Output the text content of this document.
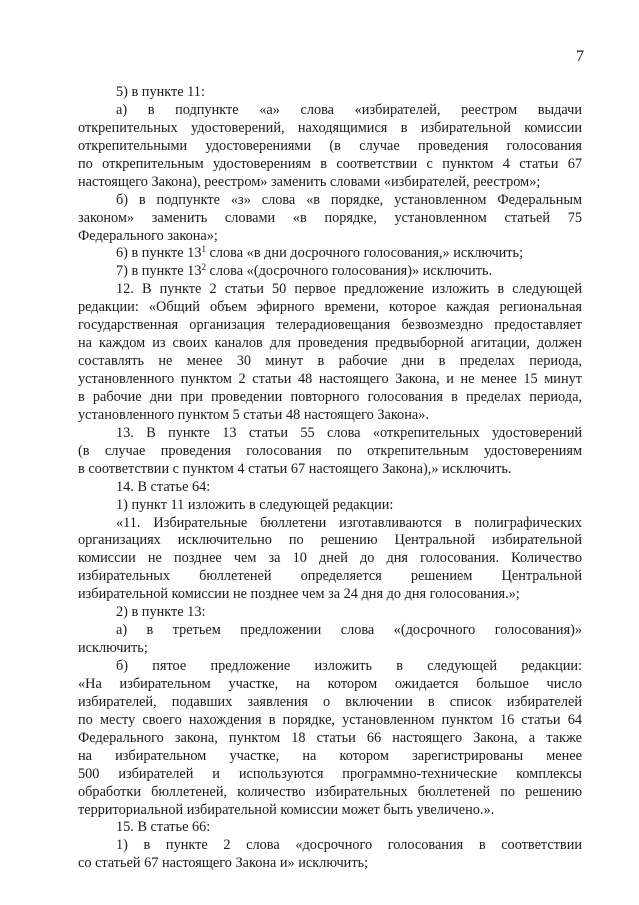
7
5) в пункте 11:
а) в подпункте «а» слова «избирателей, реестром выдачи
открепительных удостоверений, находящимися в избирательной комиссии
открепительными удостоверениями (в случае проведения голосования
по открепительным удостоверениям в соответствии с пунктом 4 статьи 67
настоящего Закона), реестром» заменить словами «избирателей, реестром»;
б) в подпункте «з» слова «в порядке, установленном Федеральным
законом» заменить словами «в порядке, установленном статьей 75
Федерального закона»;
6) в пункте $13^1$ слова «в дни досрочного голосования,» исключить;
7) в пункте $13^2$ слова «(досрочного голосования)» исключить.
12. В пункте 2 статьи 50 первое предложение изложить в следующей
редакции: «Общий объем эфирного времени, которое каждая региональная
государственная организация телерадиовещания безвозмездно предоставляет
на каждом из своих каналов для проведения предвыборной агитации, должен
составлять не менее 30 минут в рабочие дни в пределах периода,
установленного пунктом 2 статьи 48 настоящего Закона, и не менее 15 минут
в рабочие дни при проведении повторного голосования в пределах периода,
установленного пунктом 5 статьи 48 настоящего Закона».
13. В пункте 13 статьи 55 слова «открепительных удостоверений
(в случае проведения голосования по открепительным удостоверениям
в соответствии с пунктом 4 статьи 67 настоящего Закона),» исключить.
14. В статье 64:
1) пункт 11 изложить в следующей редакции:
«11. Избирательные бюллетени изготавливаются в полиграфических
организациях исключительно по решению Центральной избирательной
комиссии не позднее чем за 10 дней до дня голосования. Количество
избирательных бюллетеней определяется решением Центральной
избирательной комиссии не позднее чем за 24 дня до дня голосования.»;
2) в пункте 13:
а) в третьем предложении слова «(досрочного голосования)»
исключить;
б) пятое предложение изложить в следующей редакции:
«На избирательном участке, на котором ожидается большое число
избирателей, подавших заявления о включении в список избирателей
по месту своего нахождения в порядке, установленном пунктом 16 статьи 64
Федерального закона, пунктом 18 статьи 66 настоящего Закона, а также
на избирательном участке, на котором зарегистрированы менее
500 избирателей и используются программно-технические комплексы
обработки бюллетеней, количество избирательных бюллетеней по решению
территориальной избирательной комиссии может быть увеличено.».
15. В статье 66:
1) в пункте 2 слова «досрочного голосования в соответствии
со статьей 67 настоящего Закона и» исключить;
